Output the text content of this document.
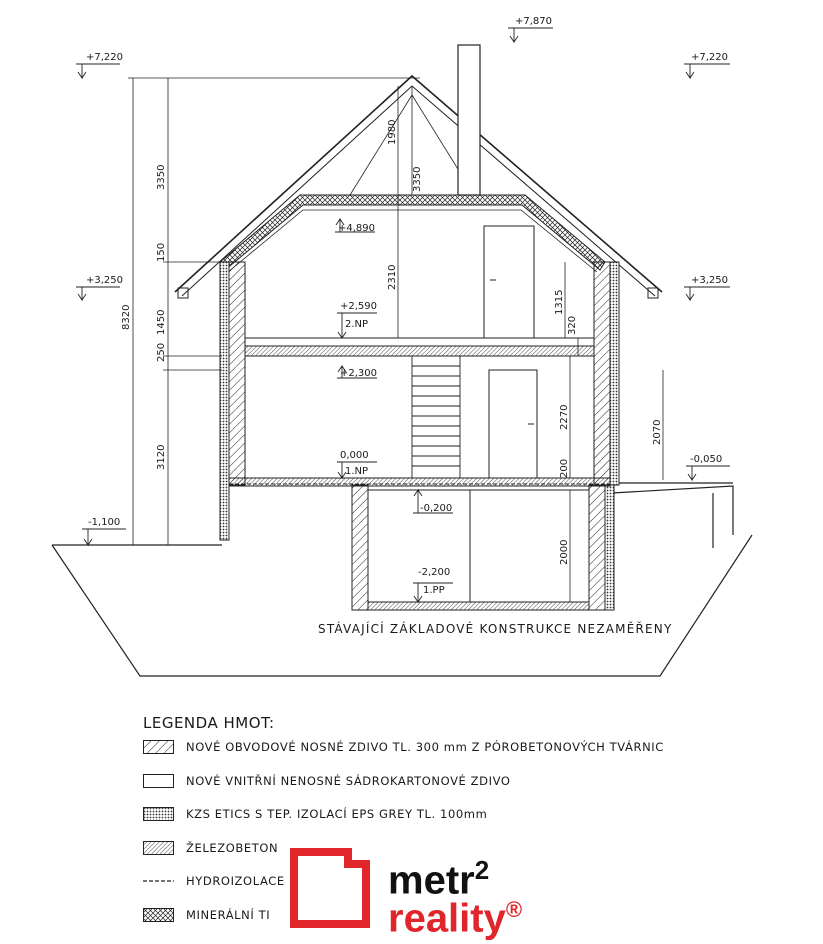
+7,870
+7,220	+7,220
+3,250	+3,250
+4,890
+2,590
2.NP
+2,300
0,000
1.NP
-0,050
-1,100
-0,200
-2,200
1.PP
8320
3350
150
1450
250
3120
1980
3350
2310
1315
320
2270
200
2070
2000
STÁVAJÍCÍ ZÁKLADOVÉ KONSTRUKCE NEZAMĚŘENY
LEGENDA HMOT:
NOVÉ OBVODOVÉ NOSNÉ ZDIVO TL. 300 mm Z PÓROBETONOVÝCH TVÁRNIC
NOVÉ VNITŘNÍ NENOSNÉ SÁDROKARTONOVÉ ZDIVO
KZS ETICS S TEP. IZOLACÍ EPS GREY TL. 100mm
ŽELEZOBETON
HYDROIZOLACE
MINERÁLNÍ TI
metr$^2$
reality®
